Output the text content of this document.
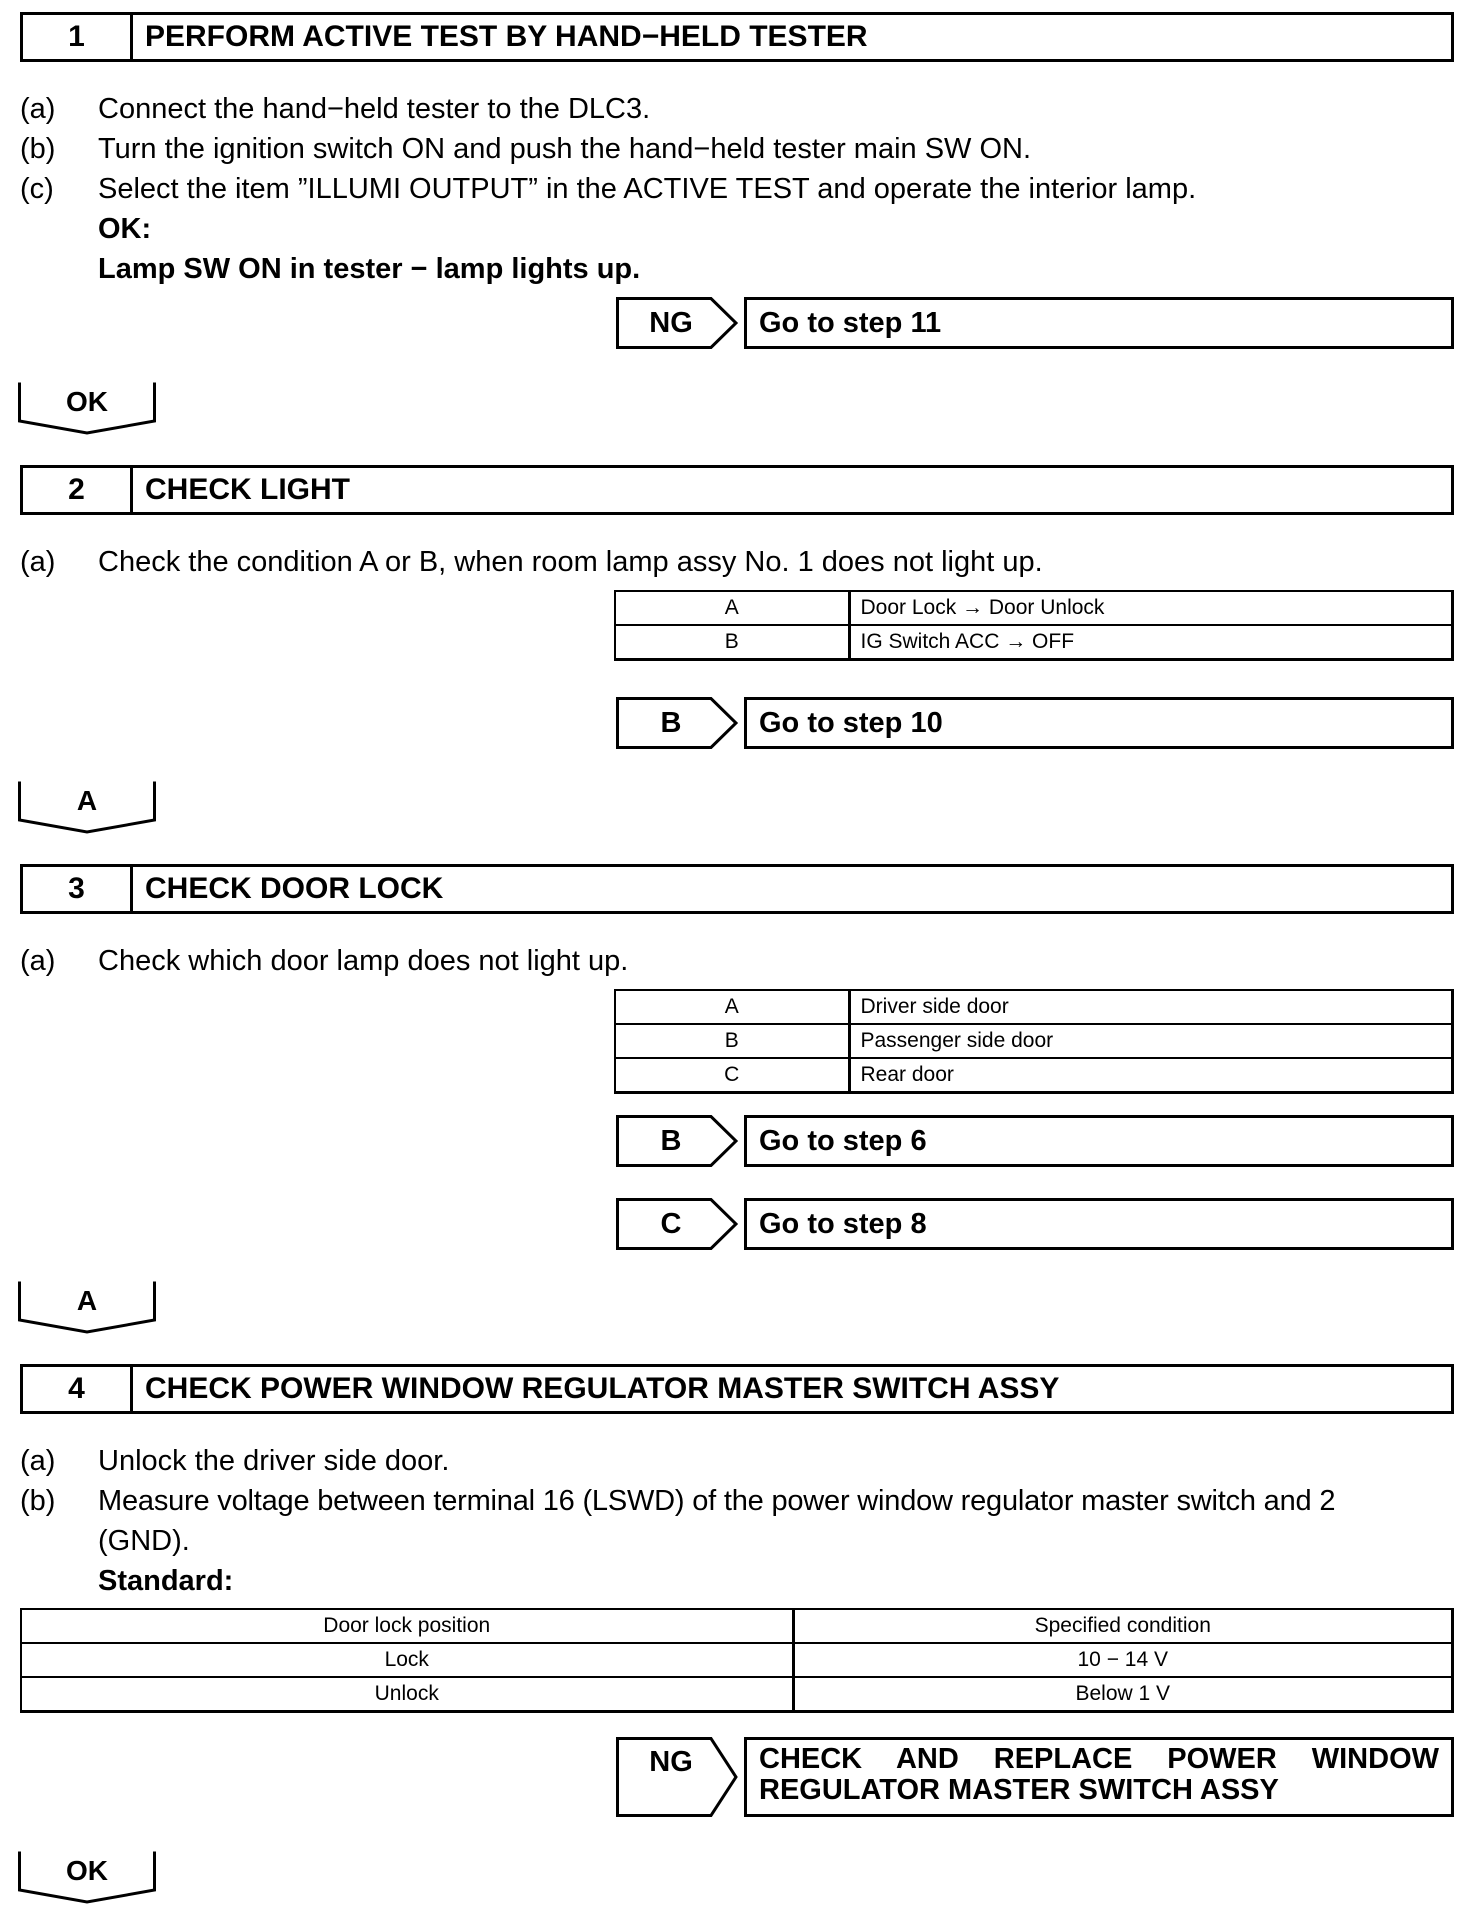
1	PERFORM ACTIVE TEST BY HAND−HELD TESTER
(a) Connect the hand−held tester to the DLC3.
(b) Turn the ignition switch ON and push the hand−held tester main SW ON.
(c) Select the item ”ILLUMI OUTPUT” in the ACTIVE TEST and operate the interior lamp.
OK:
Lamp SW ON in tester − lamp lights up.
NG	Go to step 11
OK
2	CHECK LIGHT
(a) Check the condition A or B, when room lamp assy No. 1 does not light up.
A	Door Lock → Door Unlock
B	IG Switch ACC → OFF
B	Go to step 10
A
3	CHECK DOOR LOCK
(a) Check which door lamp does not light up.
A	Driver side door
B	Passenger side door
C	Rear door
B	Go to step 6
C	Go to step 8
A
4	CHECK POWER WINDOW REGULATOR MASTER SWITCH ASSY
(a) Unlock the driver side door.
(b) Measure voltage between terminal 16 (LSWD) of the power window regulator master switch and 2
(GND).
Standard:
Door lock position	Specified condition
Lock	10 − 14 V
Unlock	Below 1 V
NG	CHECK AND REPLACE POWER WINDOW
REGULATOR MASTER SWITCH ASSY
OK
